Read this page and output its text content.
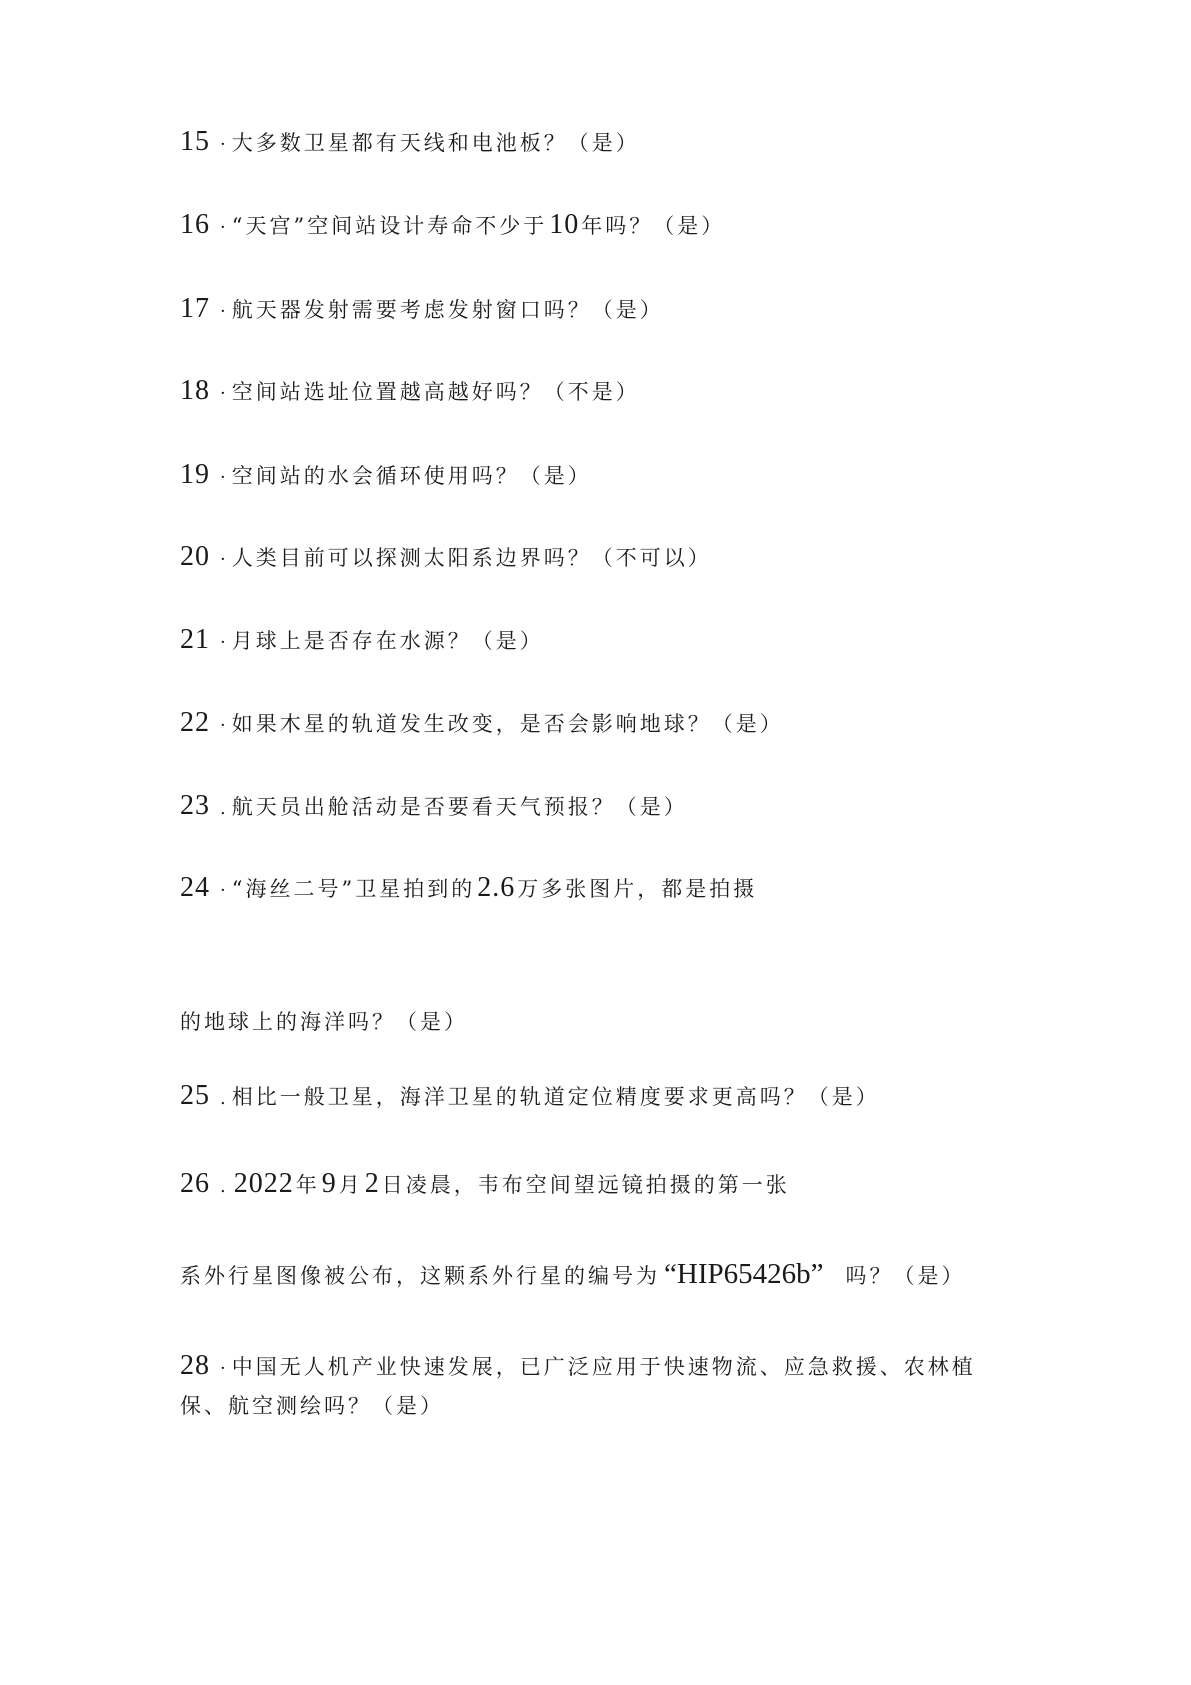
15 · 大多数卫星都有天线和电池板？（是）
16 · “天宫”空间站设计寿命不少于10年吗？（是）
17 · 航天器发射需要考虑发射窗口吗？（是）
18 · 空间站选址位置越高越好吗？（不是）
19 · 空间站的水会循环使用吗？（是）
20 · 人类目前可以探测太阳系边界吗？（不可以）
21 · 月球上是否存在水源？（是）
22 · 如果木星的轨道发生改变，是否会影响地球？（是）
23 . 航天员出舱活动是否要看天气预报？（是）
24 · “海丝二号”卫星拍到的2.6万多张图片，都是拍摄
的地球上的海洋吗？（是）
25 . 相比一般卫星，海洋卫星的轨道定位精度要求更高吗？（是）
26 . 2022年9月2日凌晨，韦布空间望远镜拍摄的第一张
系外行星图像被公布，这颗系外行星的编号为 “HIP65426b” 吗？（是）
28 · 中国无人机产业快速发展，已广泛应用于快速物流、应急救援、农林植
保、航空测绘吗？（是）
